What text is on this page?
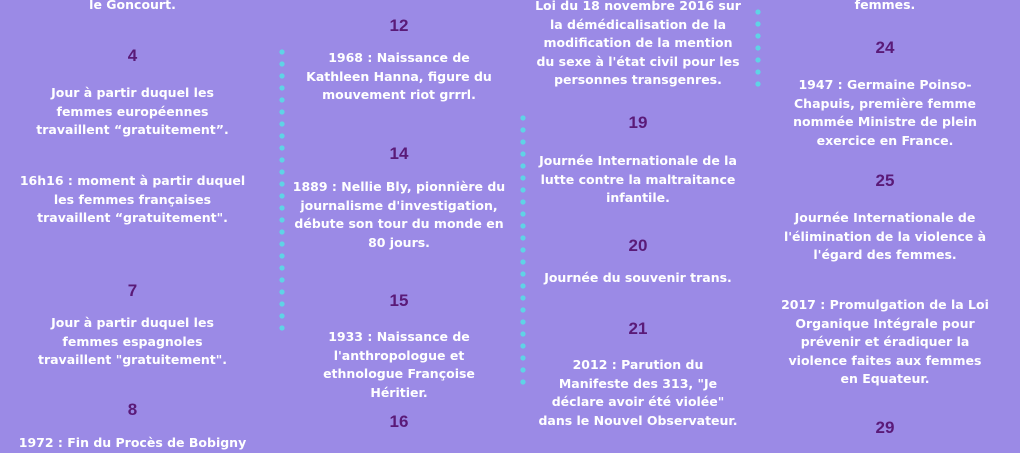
le Goncourt.
4
Jour à partir duquel les femmes européennes travaillent “gratuitement”.
16h16 : moment à partir duquel les femmes françaises travaillent “gratuitement".
7
Jour à partir duquel les femmes espagnoles travaillent "gratuitement".
8
1972 : Fin du Procès de Bobigny
12
1968 : Naissance de Kathleen Hanna, figure du mouvement riot grrrl.
14
1889 : Nellie Bly, pionnière du journalisme d'investigation, débute son tour du monde en 80 jours.
15
1933 : Naissance de l'anthropologue et ethnologue Françoise Héritier.
16
Loi du 18 novembre 2016 sur la démédicalisation de la modification de la mention du sexe à l'état civil pour les personnes transgenres.
19
Journée Internationale de la lutte contre la maltraitance infantile.
20
Journée du souvenir trans.
21
2012 : Parution du Manifeste des 313, "Je déclare avoir été violée" dans le Nouvel Observateur.
femmes.
24
1947 : Germaine Poinso-Chapuis, première femme nommée Ministre de plein exercice en France.
25
Journée Internationale de l'élimination de la violence à l'égard des femmes.
2017 : Promulgation de la Loi Organique Intégrale pour prévenir et éradiquer la violence faites aux femmes en Equateur.
29
